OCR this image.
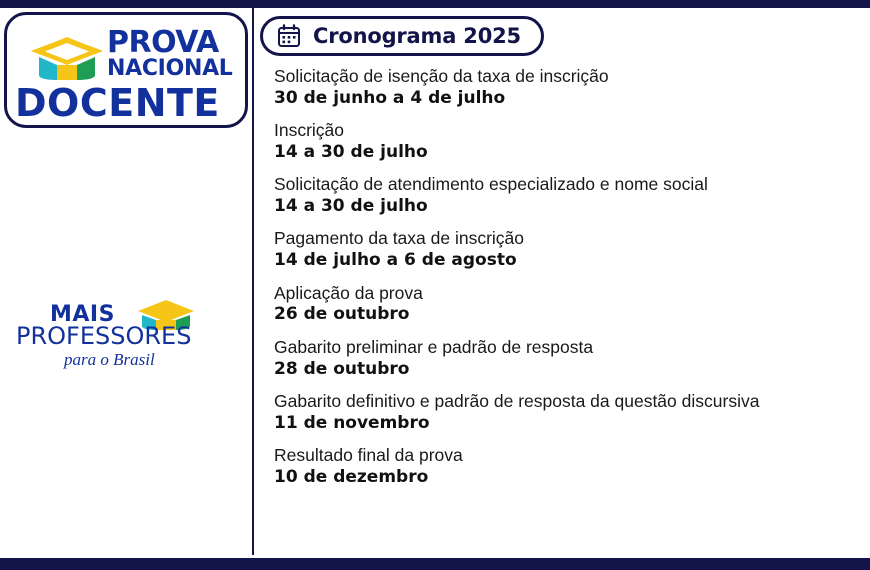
PROVA
NACIONAL
DOCENTE
MAIS
PROFESSORES
para o Brasil
Cronograma 2025
Solicitação de isenção da taxa de inscrição
30 de junho a 4 de julho
Inscrição
14 a 30 de julho
Solicitação de atendimento especializado e nome social
14 a 30 de julho
Pagamento da taxa de inscrição
14 de julho a 6 de agosto
Aplicação da prova
26 de outubro
Gabarito preliminar e padrão de resposta
28 de outubro
Gabarito definitivo e padrão de resposta da questão discursiva
11 de novembro
Resultado final da prova
10 de dezembro
